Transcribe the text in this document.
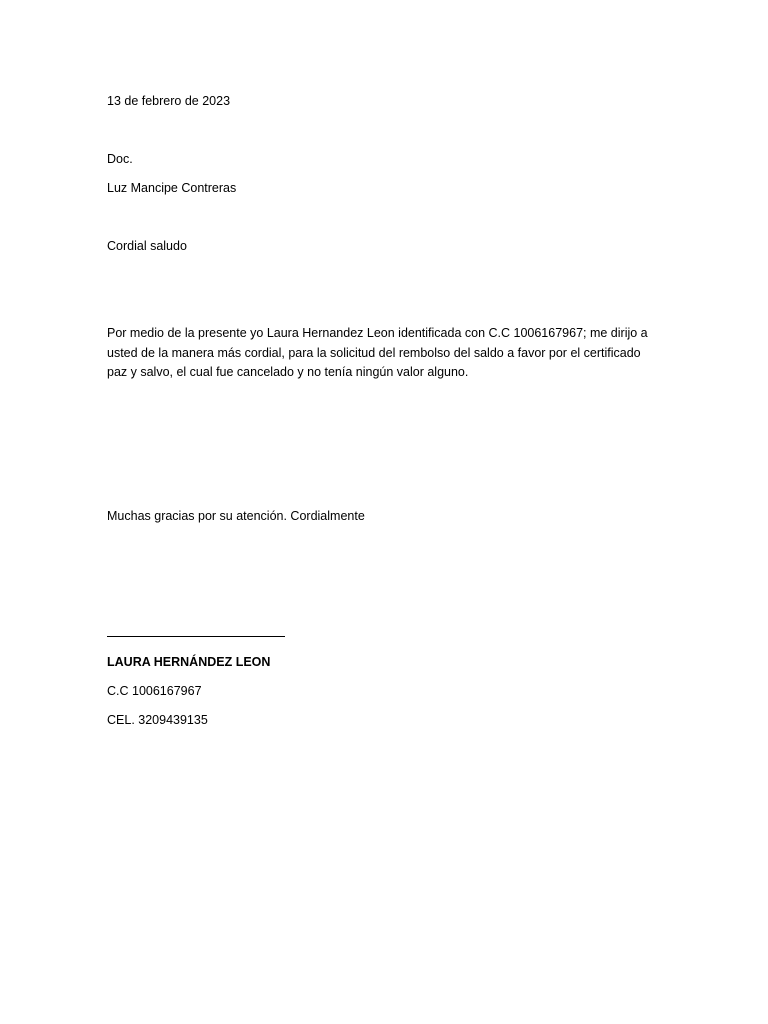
13 de febrero de 2023
Doc.
Luz Mancipe Contreras
Cordial saludo
Por medio de la presente yo Laura Hernandez Leon identificada con C.C 1006167967; me dirijo a
usted de la manera más cordial, para la solicitud del rembolso del saldo a favor por el certificado
paz y salvo, el cual fue cancelado y no tenía ningún valor alguno.
Muchas gracias por su atención. Cordialmente
LAURA HERNÁNDEZ LEON
C.C 1006167967
CEL. 3209439135
